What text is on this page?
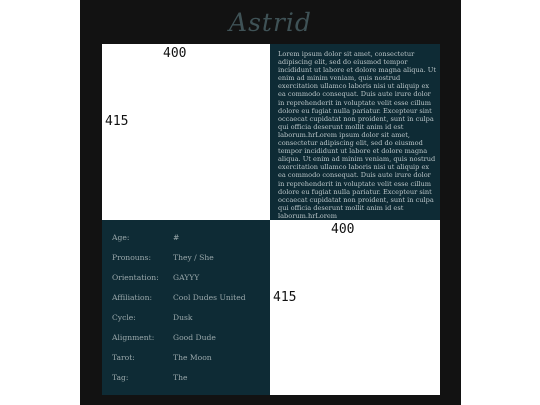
Astrid
400
415
Lorem ipsum dolor sit amet, consectetur adipiscing elit, sed do eiusmod tempor incididunt ut labore et dolore magna aliqua. Ut enim ad minim veniam, quis nostrud exercitation ullamco laboris nisi ut aliquip ex ea commodo consequat. Duis aute irure dolor in reprehenderit in voluptate velit esse cillum dolore eu fugiat nulla pariatur. Excepteur sint occaecat cupidatat non proident, sunt in culpa qui officia deserunt mollit anim id est laborum.hrLorem ipsum dolor sit amet, consectetur adipiscing elit, sed do eiusmod tempor incididunt ut labore et dolore magna aliqua. Ut enim ad minim veniam, quis nostrud exercitation ullamco laboris nisi ut aliquip ex ea commodo consequat. Duis aute irure dolor in reprehenderit in voluptate velit esse cillum dolore eu fugiat nulla pariatur. Excepteur sint occaecat cupidatat non proident, sunt in culpa qui officia deserunt mollit anim id est laborum.hrLorem
Age:	#
Pronouns:	They / She
Orientation: GAYYY
Affiliation:	Cool Dudes United
Cycle:	Dusk
Alignment: Good Dude
Tarot:	The Moon
Tag:	The
400
415
